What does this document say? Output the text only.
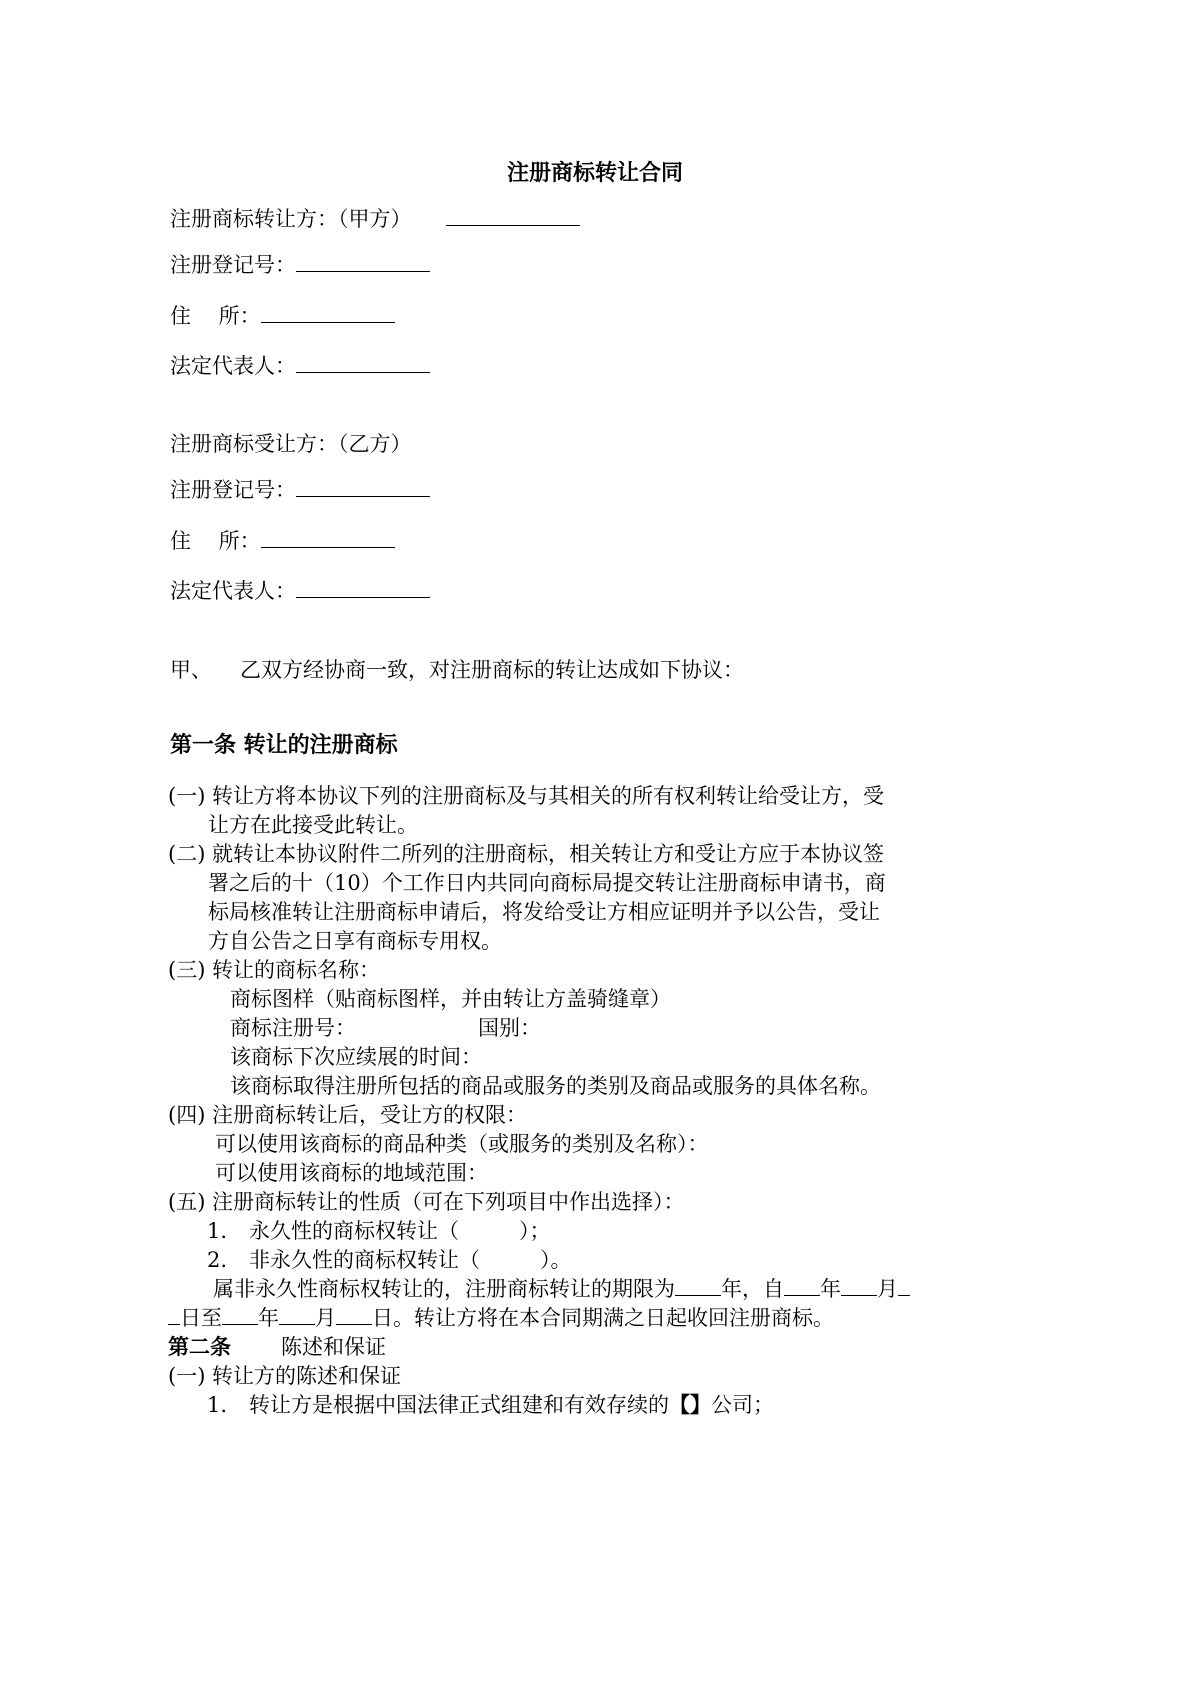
注册商标转让合同
注册商标转让方：（甲方）
注册登记号：
住　 所：
法定代表人：
注册商标受让方：（乙方）
注册登记号：
住　 所：
法定代表人：
甲、 乙双方经协商一致，对注册商标的转让达成如下协议：
第一条 转让的注册商标
(一) 转让方将本协议下列的注册商标及与其相关的所有权利转让给受让方，受
让方在此接受此转让。
(二) 就转让本协议附件二所列的注册商标，相关转让方和受让方应于本协议签
署之后的十（10）个工作日内共同向商标局提交转让注册商标申请书，商
标局核准转让注册商标申请后，将发给受让方相应证明并予以公告，受让
方自公告之日享有商标专用权。
(三) 转让的商标名称：
商标图样（贴商标图样，并由转让方盖骑缝章）
商标注册号：	国别：
该商标下次应续展的时间：
该商标取得注册所包括的商品或服务的类别及商品或服务的具体名称。
(四) 注册商标转让后，受让方的权限：
可以使用该商标的商品种类（或服务的类别及名称）：
可以使用该商标的地域范围：
(五) 注册商标转让的性质（可在下列项目中作出选择）：
1. 永久性的商标权转让（	）；
2. 非永久性的商标权转让（	）。
属非永久性商标权转让的，注册商标转让的期限为 年，自 年 月
日至 年 月 日。转让方将在本合同期满之日起收回注册商标。
第二条 陈述和保证
(一) 转让方的陈述和保证
1. 转让方是根据中国法律正式组建和有效存续的【】公司；
